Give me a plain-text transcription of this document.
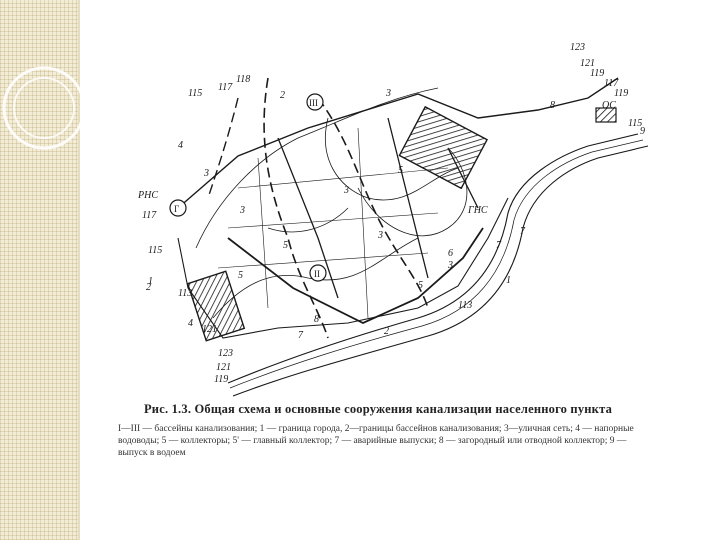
РНС
ГНС
ОС
II
III
Г
123
121
119
118
117
115
113
123
121
119
117
115
113
121
119
117
115
1
2	3
3
3
3
3
3
4
4
5
5
5
5
6
7
7
7
8
8
9
2
1
2
Рис. 1.3. Общая схема и основные сооружения канализации населенного пункта
I—III — бассейны канализования; 1 — граница города, 2—границы бассейнов канализования; 3—уличная сеть; 4 — напорные водоводы; 5 — коллекторы; 5' — главный коллектор; 7 — аварийные выпуски; 8 — загородный или отводной коллектор; 9 — выпуск в водоем
